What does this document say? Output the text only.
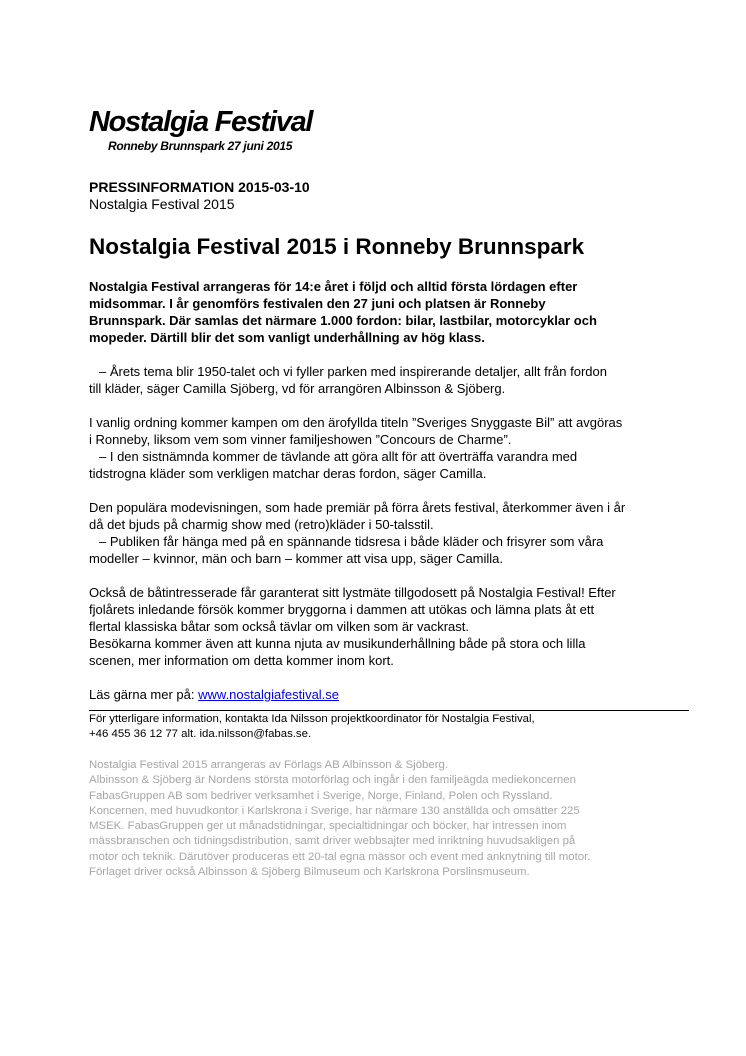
Nostalgia Festival
Ronneby Brunnspark 27 juni 2015
PRESSINFORMATION 2015-03-10
Nostalgia Festival 2015
Nostalgia Festival 2015 i Ronneby Brunnspark

Nostalgia Festival arrangeras för 14:e året i följd och alltid första lördagen efter

midsommar. I år genomförs festivalen den 27 juni och platsen är Ronneby

Brunnspark. Där samlas det närmare 1.000 fordon: bilar, lastbilar, motorcyklar och

mopeder. Därtill blir det som vanligt underhållning av hög klass.

– Årets tema blir 1950-talet och vi fyller parken med inspirerande detaljer, allt från fordon

till kläder, säger Camilla Sjöberg, vd för arrangören Albinsson & Sjöberg.

I vanlig ordning kommer kampen om den ärofyllda titeln ”Sveriges Snyggaste Bil” att avgöras

i Ronneby, liksom vem som vinner familjeshowen ”Concours de Charme”.

– I den sistnämnda kommer de tävlande att göra allt för att överträffa varandra med

tidstrogna kläder som verkligen matchar deras fordon, säger Camilla.

Den populära modevisningen, som hade premiär på förra årets festival, återkommer även i år

då det bjuds på charmig show med (retro)kläder i 50-talsstil.

– Publiken får hänga med på en spännande tidsresa i både kläder och frisyrer som våra

modeller – kvinnor, män och barn – kommer att visa upp, säger Camilla.

Också de båtintresserade får garanterat sitt lystmäte tillgodosett på Nostalgia Festival! Efter

fjolårets inledande försök kommer bryggorna i dammen att utökas och lämna plats åt ett

flertal klassiska båtar som också tävlar om vilken som är vackrast.

Besökarna kommer även att kunna njuta av musikunderhållning både på stora och lilla

scenen, mer information om detta kommer inom kort.

Läs gärna mer på: www.nostalgiafestival.se

För ytterligare information, kontakta Ida Nilsson projektkoordinator för Nostalgia Festival,

+46 455 36 12 77 alt. ida.nilsson@fabas.se.

Nostalgia Festival 2015 arrangeras av Förlags AB Albinsson & Sjöberg.

Albinsson & Sjöberg är Nordens största motorförlag och ingår i den familjeägda mediekoncernen

FabasGruppen AB som bedriver verksamhet i Sverige, Norge, Finland, Polen och Ryssland.

Koncernen, med huvudkontor i Karlskrona i Sverige, har närmare 130 anställda och omsätter 225

MSEK. FabasGruppen ger ut månadstidningar, specialtidningar och böcker, har intressen inom

mässbranschen och tidningsdistribution, samt driver webbsajter med inriktning huvudsakligen på

motor och teknik. Därutöver produceras ett 20-tal egna mässor och event med anknytning till motor.

Förlaget driver också Albinsson & Sjöberg Bilmuseum och Karlskrona Porslinsmuseum.
